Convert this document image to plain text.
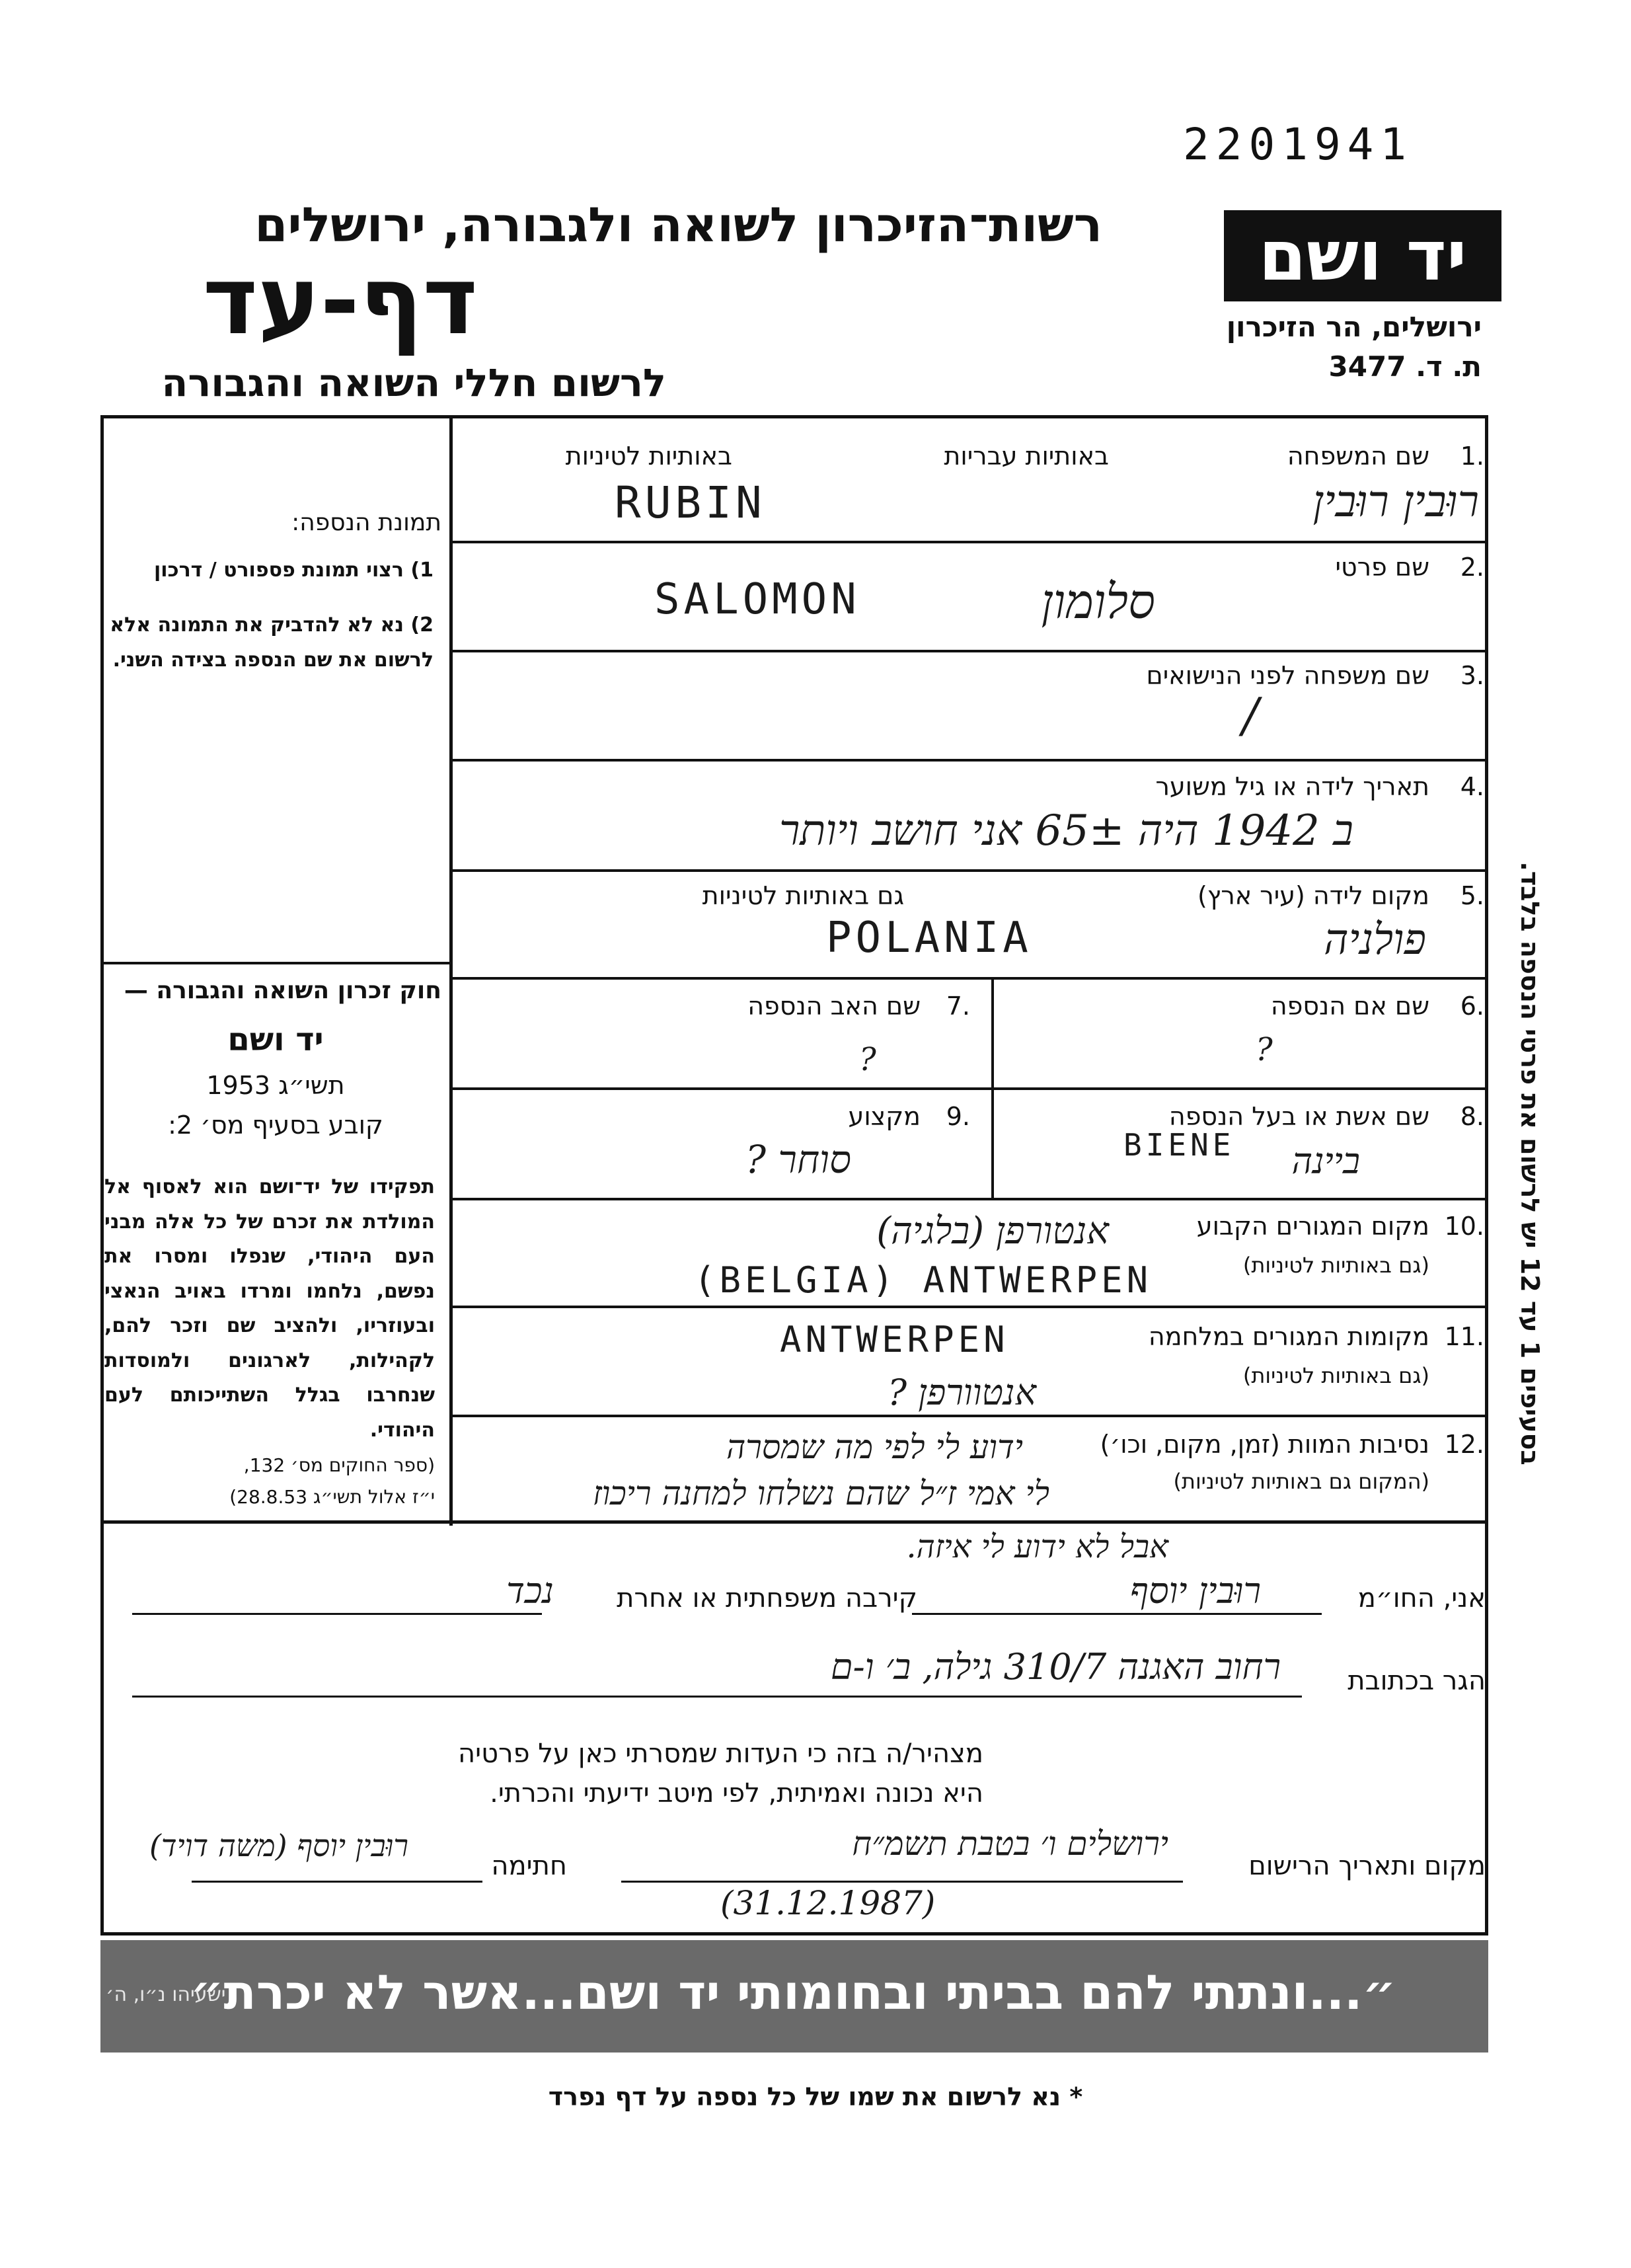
2201941
יד ושם
ירושלים, הר הזיכרון
ת. ד. 3477
רשות־הזיכרון לשואה ולגבורה, ירושלים
דף-עד
לרשום חללי השואה והגבורה
תמונת הנספה:
1) רצוי תמונת פספורט / דרכון
2) נא לא להדביק את התמונה אלא לרשום את שם הנספה בצידה השני.
חוק זכרון השואה והגבורה —
יד ושם
תשי״ג 1953
קובע בסעיף מס׳ 2:
תפקידו של יד־ושם הוא לאסוף אל המולדת את זכרם של כל אלה מבני העם היהודי, שנפלו ומסרו את נפשם, נלחמו ומרדו באויב הנאצי ובעוזריו, ולהציב שם וזכר להם, לקהילות, לארגונים ולמוסדות שנחרבו בגלל השתייכותם לעם היהודי.
(ספר החוקים מס׳ 132,
י״ז אלול תשי״ג 28.8.53)
בסעיפים 1 עד 12 יש לרשום את פרטי הנספה בלבד.
1.
שם המשפחה
באותיות עבריות
באותיות לטיניות
רוּבין רוּבין
RUBIN
2.
שם פרטי
סלומון
SALOMON
3.
שם משפחה לפני הנישואים
/
4.
תאריך לידה או גיל משוער
ב 1942 היה 65± אני חושב ויותר
5.
מקום לידה (עיר ארץ)
גם באותיות לטיניות
פולניה
POLANIA
6.
שם אם הנספה
?
7.
שם האב הנספה
?
8.
שם אשת או בעל הנספה
ביינה
BIENE
9.
מקצוע
סוחר ?
10.
מקום המגורים הקבוע
(גם באותיות לטיניות)
אנטורפן (בלגיה)
(BELGIA) ANTWERPEN
11.
מקומות המגורים במלחמה
(גם באותיות לטיניות)
ANTWERPEN
אנטוורפן ?
12.
נסיבות המוות (זמן, מקום, וכו׳)
(המקום גם באותיות לטיניות)
ידוע לי לפי מה שמסרה
לי אמי ז״ל שהם נשלחו למחנה ריכוז
אבל לא ידוע לי איזה.
אני, החו״מ
רוּבין יוסף
קירבה משפחתית או אחרת
נכד
הגר בכתובת
רחוב האגנה 310/7 גילה, ב׳ ו-ם
מצהיר/ה בזה כי העדות שמסרתי כאן על פרטיה
היא נכונה ואמיתית, לפי מיטב ידיעתי והכרתי.
מקום ותאריך הרישום
ירושלים ו׳ בטבת תשמ״ח
(31.12.1987)
חתימה
רוּבין יוסף (משה דויד)
״...ונתתי להם בביתי ובחומותי יד ושם...אשר לא יכרת״
ישעיהו נ״ו, ה׳
* נא לרשום את שמו של כל נספה על דף נפרד
